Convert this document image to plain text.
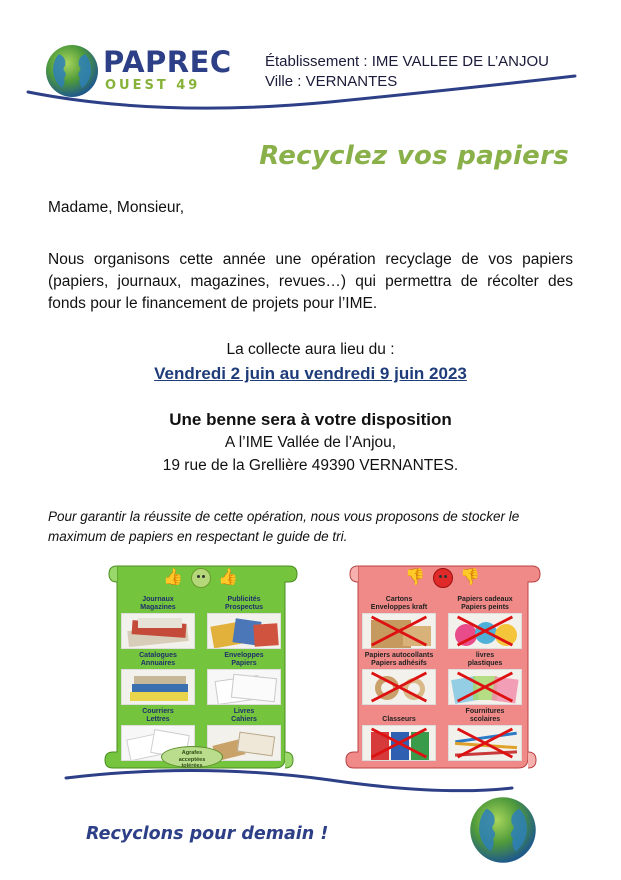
PAPREC
OUEST 49
Établissement : IME VALLEE DE L’ANJOU
Ville : VERNANTES
Recyclez vos papiers
Madame, Monsieur,
Nous organisons cette année une opération recyclage de vos papiers (papiers, journaux, magazines, revues…) qui permettra de récolter des fonds pour le financement de projets pour l’IME.
La collecte aura lieu du :
Vendredi 2 juin au vendredi 9 juin 2023
Une benne sera à votre disposition
A l’IME Vallée de l’Anjou,
19 rue de la Grellière 49390 VERNANTES.
Pour garantir la réussite de cette opération, nous vous proposons de stocker le maximum de papiers en respectant le guide de tri.
👍 👍
Journaux
Magazines
Publicités
Prospectus
Catalogues
Annuaires
Enveloppes
Papiers
Courriers
Lettres
Livres
Cahiers
Agrafes
acceptées
tolérées
👎 👎
Cartons
Enveloppes kraft
Papiers cadeaux
Papiers peints
Papiers autocollants
Papiers adhésifs
livres
plastiques
Classeurs

Fournitures
scolaires
Recyclons pour demain !
